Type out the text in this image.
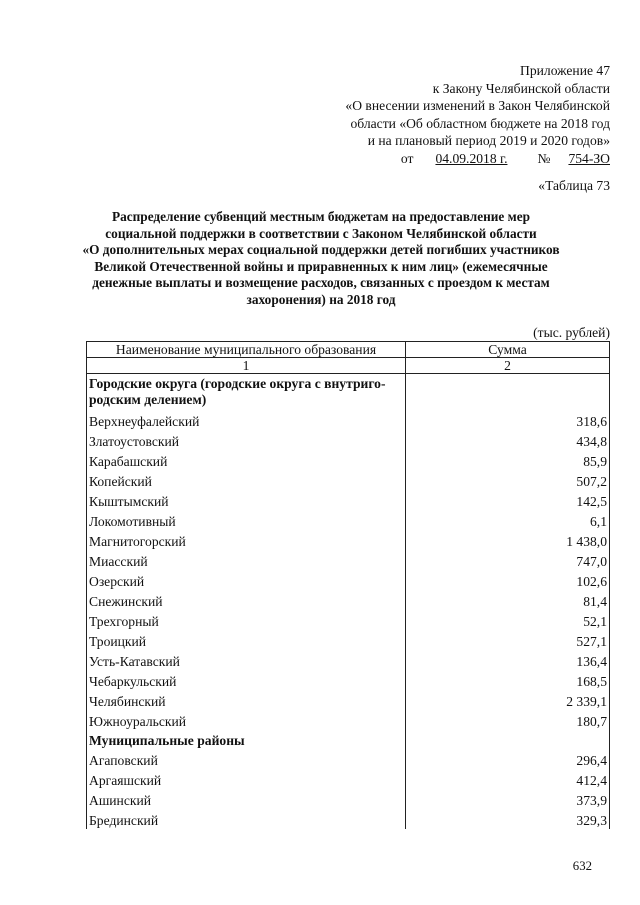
Приложение 47
к Закону Челябинской области
«О внесении изменений в Закон Челябинской
области «Об областном бюджете на 2018 год
и на плановый период 2019 и 2020 годов»
от 04.09.2018 г. № 754-ЗО
«Таблица 73
Распределение субвенций местным бюджетам на предоставление мер
социальной поддержки в соответствии с Законом Челябинской области
«О дополнительных мерах социальной поддержки детей погибших участников
Великой Отечественной войны и приравненных к ним лиц» (ежемесячные
денежные выплаты и возмещение расходов, связанных с проездом к местам
захоронения) на 2018 год
(тыс. рублей)
Наименование муниципального образования	Сумма
1	2

Городские округа (городские округа с внутриго-
родским делением)	

Верхнеуфалейский	318,6
Златоустовский	434,8
Карабашский	85,9
Копейский	507,2
Кыштымский	142,5
Локомотивный	6,1
Магнитогорский	1 438,0
Миасский	747,0
Озерский	102,6
Снежинский	81,4
Трехгорный	52,1
Троицкий	527,1
Усть-Катавский	136,4
Чебаркульский	168,5
Челябинский	2 339,1
Южноуральский	180,7
Муниципальные районы	
Агаповский	296,4
Аргаяшский	412,4
Ашинский	373,9
Брединский	329,3
632
